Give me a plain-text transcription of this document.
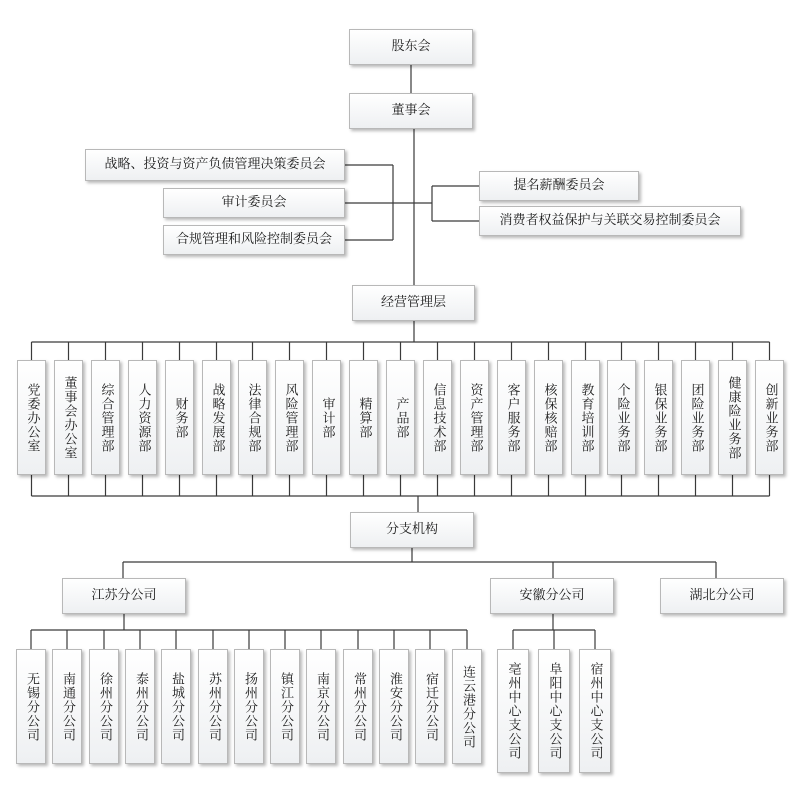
股东会
董事会
战略、投资与资产负债管理决策委员会
审计委员会
合规管理和风险控制委员会
提名薪酬委员会
消费者权益保护与关联交易控制委员会
经营管理层
党委办公室	董事会办公室	综合管理部	人力资源部	财务部	战略发展部	法律合规部	风险管理部	审计部	精算部	产品部	信息技术部	资产管理部	客户服务部	核保核赔部	教育培训部	个险业务部	银保业务部	团险业务部	健康险业务部	创新业务部
分支机构
江苏分公司	安徽分公司	湖北分公司
无锡分公司	南通分公司	徐州分公司	泰州分公司	盐城分公司	苏州分公司	扬州分公司	镇江分公司	南京分公司	常州分公司	淮安分公司	宿迁分公司	连云港分公司	亳州中心支公司	阜阳中心支公司	宿州中心支公司
